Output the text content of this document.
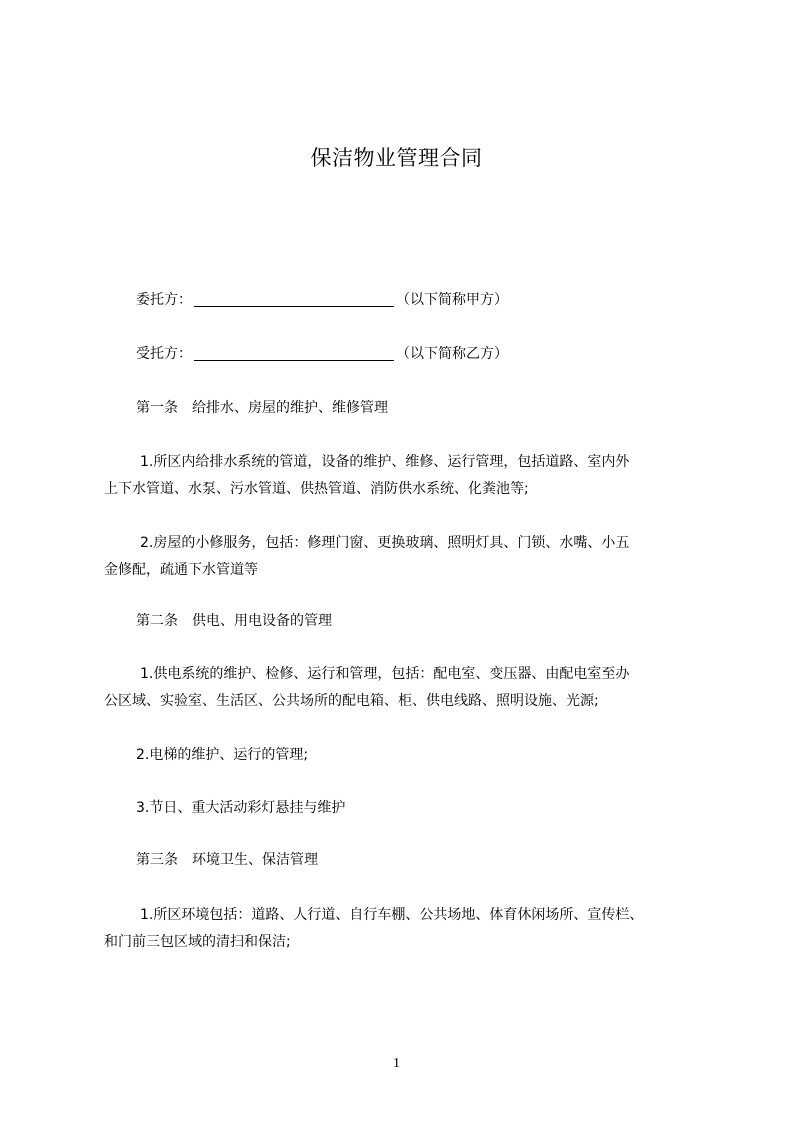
保洁物业管理合同
委托方：	（以下简称甲方）
受托方：	（以下简称乙方）
第一条　给排水、房屋的维护、维修管理
1.所区内给排水系统的管道，设备的维护、维修、运行管理，包括道路、室内外
上下水管道、水泵、污水管道、供热管道、消防供水系统、化粪池等;
2.房屋的小修服务，包括：修理门窗、更换玻璃、照明灯具、门锁、水嘴、小五
金修配，疏通下水管道等
第二条　供电、用电设备的管理
1.供电系统的维护、检修、运行和管理，包括：配电室、变压器、由配电室至办
公区域、实验室、生活区、公共场所的配电箱、柜、供电线路、照明设施、光源;
2.电梯的维护、运行的管理;
3.节日、重大活动彩灯悬挂与维护
第三条　环境卫生、保洁管理
1.所区环境包括：道路、人行道、自行车棚、公共场地、体育休闲场所、宣传栏、
和门前三包区域的清扫和保洁;
1
